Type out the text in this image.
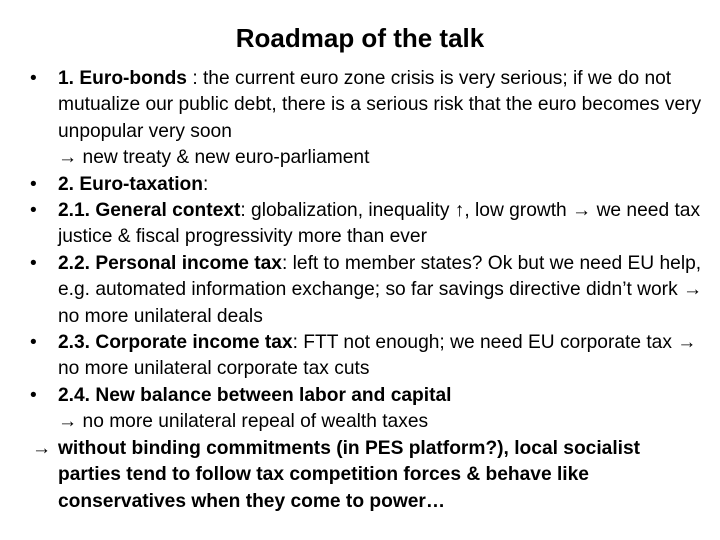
Roadmap of the talk
• 1. Euro-bonds : the current euro zone crisis is very serious; if we do not mutualize our public debt, there is a serious risk that the euro becomes very unpopular very soon
→ new treaty & new euro-parliament
• 2. Euro-taxation:
• 2.1. General context: globalization, inequality ↑, low growth → we need tax justice & fiscal progressivity more than ever
• 2.2. Personal income tax: left to member states? Ok but we need EU help, e.g. automated information exchange; so far savings directive didn’t work → no more unilateral deals
• 2.3. Corporate income tax: FTT not enough; we need EU corporate tax → no more unilateral corporate tax cuts
• 2.4. New balance between labor and capital
→ no more unilateral repeal of wealth taxes
→ without binding commitments (in PES platform?), local socialist parties tend to follow tax competition forces & behave like conservatives when they come to power…
